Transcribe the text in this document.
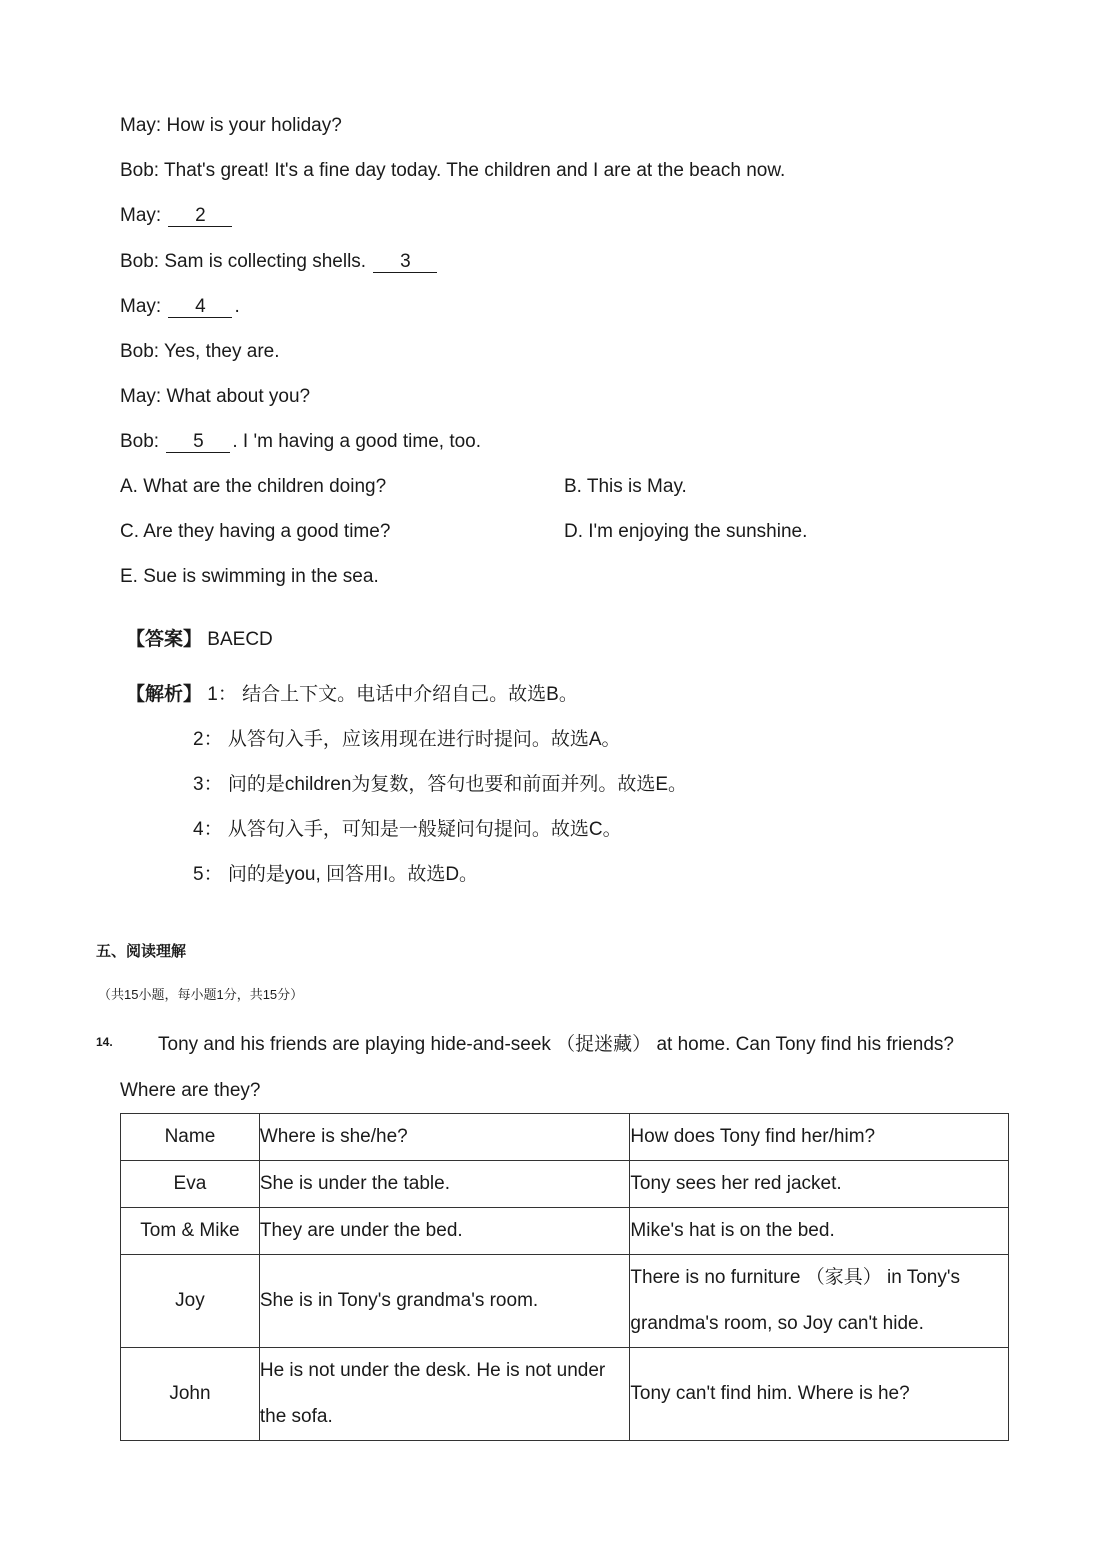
May: How is your holiday?
Bob: That's great! It's a fine day today. The children and I are at the beach now.
May: 2
Bob: Sam is collecting shells. 3
May: 4 .
Bob: Yes, they are.
May: What about you?
Bob: 5 . I 'm having a good time, too.
A. What are the children doing?	B. This is May.
C. Are they having a good time?	D. I'm enjoying the sunshine.
E. Sue is swimming in the sea.
【答案】 BAECD
【解析】 1： 结合上下文。电话中介绍自己。故选B。
2： 从答句入手，应该用现在进行时提问。故选A。
3： 问的是children为复数，答句也要和前面并列。故选E。
4： 从答句入手，可知是一般疑问句提问。故选C。
5： 问的是you, 回答用I。故选D。
五、阅读理解
（共15小题，每小题1分，共15分）
14. Tony and his friends are playing hide-and-seek （捉迷藏） at home. Can Tony find his friends?
Where are they?
Name	Where is she/he?	How does Tony find her/him?
Eva	She is under the table.	Tony sees her red jacket.
Tom & Mike	They are under the bed.	Mike's hat is on the bed.
Joy	She is in Tony's grandma's room.	There is no furniture （家具） in Tony's grandma's room, so Joy can't hide.
John	He is not under the desk. He is not under the sofa.	Tony can't find him. Where is he?
